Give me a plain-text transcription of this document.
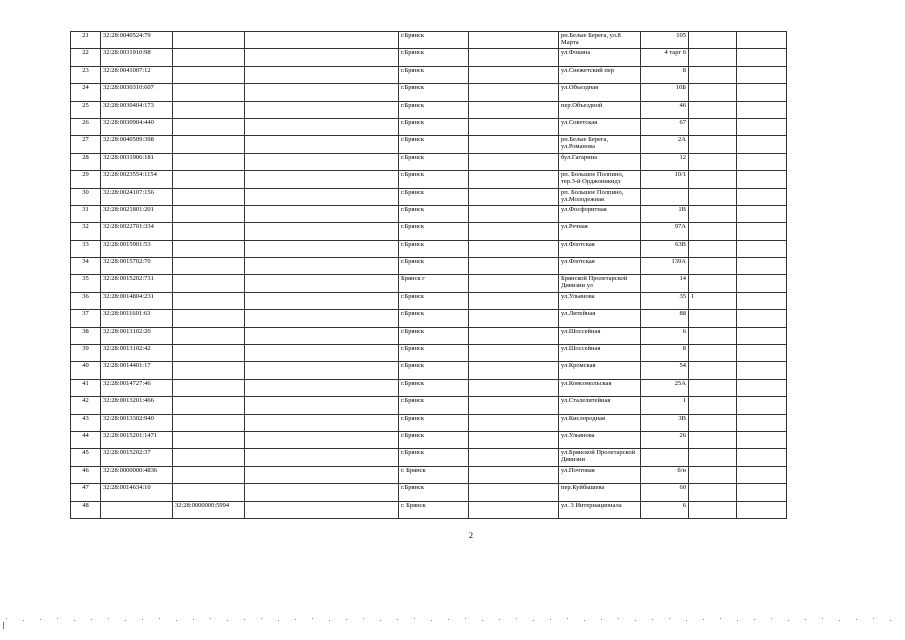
21	32:28:0040524:79			г.Брянск		рп.Белые Берега, ул.8 Марта	105		
22	32:28:0031910:98			г.Брянск		ул.Фокина	4 тарг 6		
23	32:28:0041007:12			г.Брянск		ул.Снежетский пер	8		
24	32:28:0030310:607			г.Брянск		ул.Объездная	10Б		
25	32:28:0030404:173			г.Брянск		пер.Объездной	46		
26	32:28:0030904:440			г.Брянск		ул.Советская	67		
27	32:28:0040509:398			г.Брянск		рп.Белые Берега, ул.Романова	2А		
28	32:28:0031906:181			г.Брянск		бул.Гагарина	12		
29	32:28:0023554:1154			г.Брянск		рп. Большое Полпино, тер.3-й Орджоникидз	10/1		
30	32:28:0024107:156			г.Брянск		рп. Большое Полпино, ул.Молодежная			
31	32:28:0021801:201			г.Брянск		ул.Фосфоритная	1В		
32	32:28:0022701:334			г.Брянск		ул.Речная	97А		
33	32:28:0015901:53			г.Брянск		ул.Флотская	63В		
34	32:28:0015702:70			г.Брянск		ул.Флотская	139А		
35	32:28:0015202:731			Брянск г		Брянской Пролетарской Дивизии ул	14		
36	32:28:0014804:231			г.Брянск		ул.Ульянова	35	1	
37	32:28:0011601:63			г.Брянск		ул.Литейная	88		
38	32:28:0013102:20			г.Брянск		ул.Шоссейная	6		
39	32:28:0013102:42			г.Брянск		ул.Шоссейная	8		
40	32:28:0014401:17			г.Брянск		ул.Кромская	54		
41	32:28:0014727:46			г.Брянск		ул.Комсомольская	25А		
42	32:28:0013201:466			г.Брянск		ул.Сталелитейная	1		
43	32:28:0013302:940			г.Брянск		ул.Кислородная	3В		
44	32:28:0015201:1471			г.Брянск		ул.Ульянова	26		
45	32:28:0015202:37			г.Брянск		ул.Брянской Пролетарской Дивизии			
46	32:28:0000000:4836			г. Брянск		ул.Почтовая	б/н		
47	32:28:0014634:10			г.Брянск		пер.Куйбышева	60		
48		32:28:0000000:5994		г. Брянск		ул. 3 Интернационала	6		
2
